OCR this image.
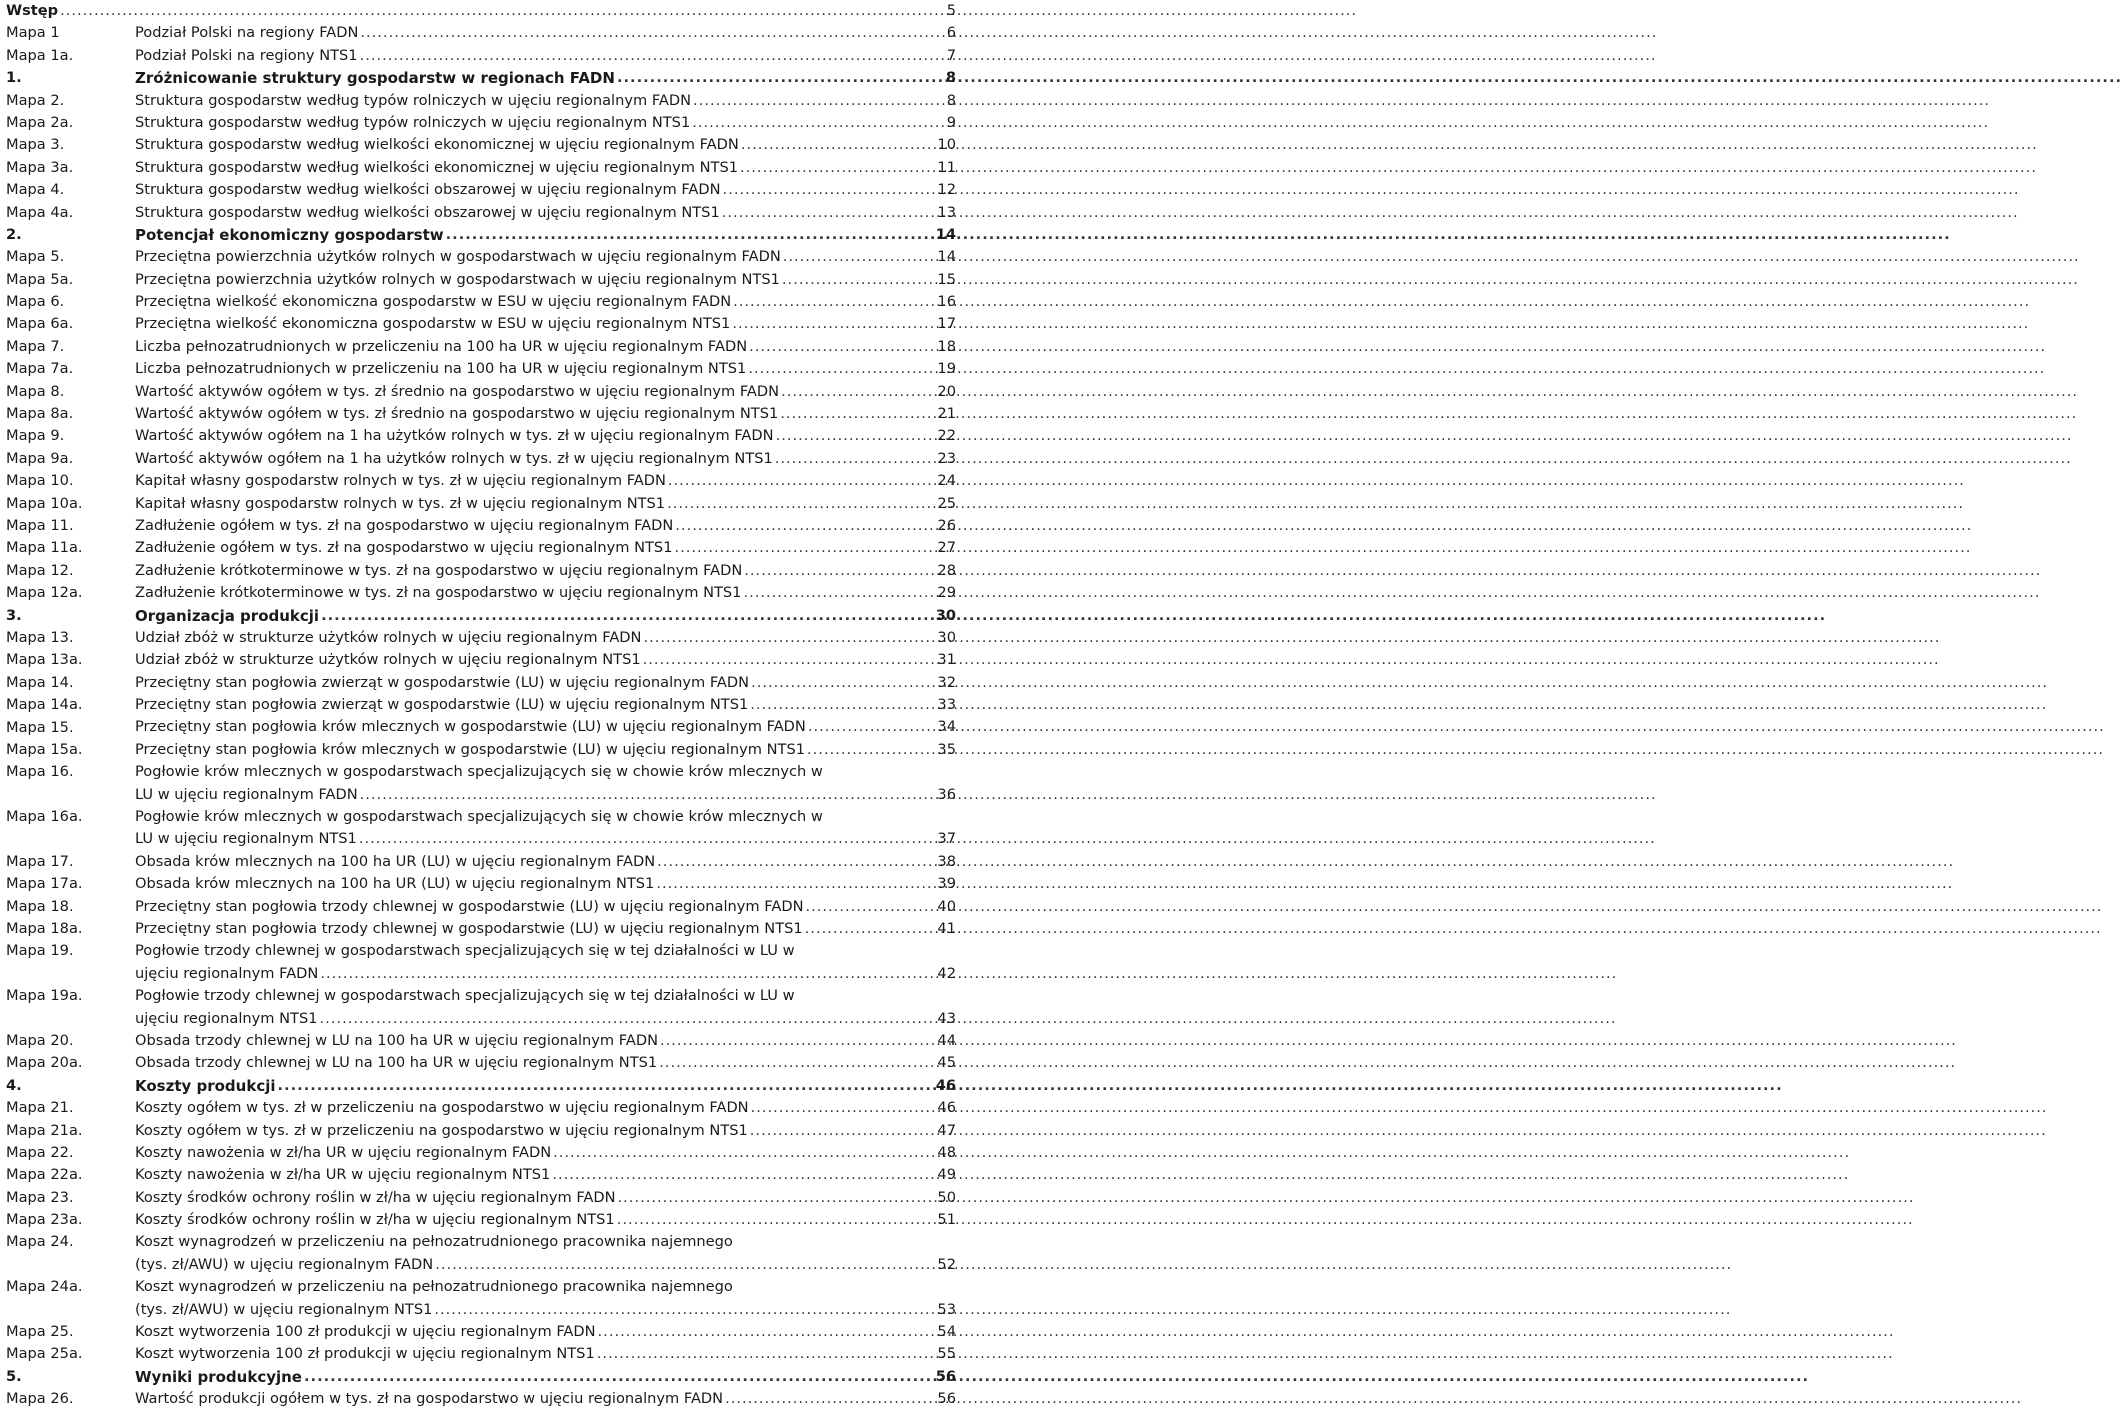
Wstęp .....	5
Mapa 1	Podział Polski na regiony FADN .....	6
Mapa 1a.	Podział Polski na regiony NTS1 .....	7
1.	Zróżnicowanie struktury gospodarstw w regionach FADN .....	8
Mapa 2.	Struktura gospodarstw według typów rolniczych w ujęciu regionalnym FADN .....	8
Mapa 2a.	Struktura gospodarstw według typów rolniczych w ujęciu regionalnym NTS1 .....	9
Mapa 3.	Struktura gospodarstw według wielkości ekonomicznej w ujęciu regionalnym FADN .....	10
Mapa 3a.	Struktura gospodarstw według wielkości ekonomicznej w ujęciu regionalnym NTS1 .....	11
Mapa 4.	Struktura gospodarstw według wielkości obszarowej w ujęciu regionalnym FADN .....	12
Mapa 4a.	Struktura gospodarstw według wielkości obszarowej w ujęciu regionalnym NTS1 .....	13
2.	Potencjał ekonomiczny gospodarstw .....	14
Mapa 5.	Przeciętna powierzchnia użytków rolnych w gospodarstwach w ujęciu regionalnym FADN .....	14
Mapa 5a.	Przeciętna powierzchnia użytków rolnych w gospodarstwach w ujęciu regionalnym NTS1 .....	15
Mapa 6.	Przeciętna wielkość ekonomiczna gospodarstw w ESU w ujęciu regionalnym FADN .....	16
Mapa 6a.	Przeciętna wielkość ekonomiczna gospodarstw w ESU w ujęciu regionalnym NTS1 .....	17
Mapa 7.	Liczba pełnozatrudnionych w przeliczeniu na 100 ha UR w ujęciu regionalnym FADN .....	18
Mapa 7a.	Liczba pełnozatrudnionych w przeliczeniu na 100 ha UR w ujęciu regionalnym NTS1 .....	19
Mapa 8.	Wartość aktywów ogółem w tys. zł średnio na gospodarstwo w ujęciu regionalnym FADN .....	20
Mapa 8a.	Wartość aktywów ogółem w tys. zł średnio na gospodarstwo w ujęciu regionalnym NTS1 .....	21
Mapa 9.	Wartość aktywów ogółem na 1 ha użytków rolnych w tys. zł w ujęciu regionalnym FADN .....	22
Mapa 9a.	Wartość aktywów ogółem na 1 ha użytków rolnych w tys. zł w ujęciu regionalnym NTS1 .....	23
Mapa 10.	Kapitał własny gospodarstw rolnych w tys. zł w ujęciu regionalnym FADN .....	24
Mapa 10a.	Kapitał własny gospodarstw rolnych w tys. zł w ujęciu regionalnym NTS1 .....	25
Mapa 11.	Zadłużenie ogółem w tys. zł na gospodarstwo w ujęciu regionalnym FADN .....	26
Mapa 11a.	Zadłużenie ogółem w tys. zł na gospodarstwo w ujęciu regionalnym NTS1 .....	27
Mapa 12.	Zadłużenie krótkoterminowe w tys. zł na gospodarstwo w ujęciu regionalnym FADN .....	28
Mapa 12a.	Zadłużenie krótkoterminowe w tys. zł na gospodarstwo w ujęciu regionalnym NTS1 .....	29
3.	Organizacja produkcji .....	30
Mapa 13.	Udział zbóż w strukturze użytków rolnych w ujęciu regionalnym FADN .....	30
Mapa 13a.	Udział zbóż w strukturze użytków rolnych w ujęciu regionalnym NTS1 .....	31
Mapa 14.	Przeciętny stan pogłowia zwierząt w gospodarstwie (LU) w ujęciu regionalnym FADN .....	32
Mapa 14a.	Przeciętny stan pogłowia zwierząt w gospodarstwie (LU) w ujęciu regionalnym NTS1 .....	33
Mapa 15.	Przeciętny stan pogłowia krów mlecznych w gospodarstwie (LU) w ujęciu regionalnym FADN .....	34
Mapa 15a.	Przeciętny stan pogłowia krów mlecznych w gospodarstwie (LU) w ujęciu regionalnym NTS1 .....	35
Mapa 16.	Pogłowie krów mlecznych w gospodarstwach specjalizujących się w chowie krów mlecznych w
LU w ujęciu regionalnym FADN .....	36
Mapa 16a.	Pogłowie krów mlecznych w gospodarstwach specjalizujących się w chowie krów mlecznych w
LU w ujęciu regionalnym NTS1 .....	37
Mapa 17.	Obsada krów mlecznych na 100 ha UR (LU) w ujęciu regionalnym FADN .....	38
Mapa 17a.	Obsada krów mlecznych na 100 ha UR (LU) w ujęciu regionalnym NTS1 .....	39
Mapa 18.	Przeciętny stan pogłowia trzody chlewnej w gospodarstwie (LU) w ujęciu regionalnym FADN .....	40
Mapa 18a.	Przeciętny stan pogłowia trzody chlewnej w gospodarstwie (LU) w ujęciu regionalnym NTS1 .....	41
Mapa 19.	Pogłowie trzody chlewnej w gospodarstwach specjalizujących się w tej działalności w LU w
ujęciu regionalnym FADN .....	42
Mapa 19a.	Pogłowie trzody chlewnej w gospodarstwach specjalizujących się w tej działalności w LU w
ujęciu regionalnym NTS1 .....	43
Mapa 20.	Obsada trzody chlewnej w LU na 100 ha UR w ujęciu regionalnym FADN .....	44
Mapa 20a.	Obsada trzody chlewnej w LU na 100 ha UR w ujęciu regionalnym NTS1 .....	45
4.	Koszty produkcji .....	46
Mapa 21.	Koszty ogółem w tys. zł w przeliczeniu na gospodarstwo w ujęciu regionalnym FADN .....	46
Mapa 21a.	Koszty ogółem w tys. zł w przeliczeniu na gospodarstwo w ujęciu regionalnym NTS1 .....	47
Mapa 22.	Koszty nawożenia w zł/ha UR w ujęciu regionalnym FADN .....	48
Mapa 22a.	Koszty nawożenia w zł/ha UR w ujęciu regionalnym NTS1 .....	49
Mapa 23.	Koszty środków ochrony roślin w zł/ha w ujęciu regionalnym FADN .....	50
Mapa 23a.	Koszty środków ochrony roślin w zł/ha w ujęciu regionalnym NTS1 .....	51
Mapa 24.	Koszt wynagrodzeń w przeliczeniu na pełnozatrudnionego pracownika najemnego
(tys. zł/AWU) w ujęciu regionalnym FADN .....	52
Mapa 24a.	Koszt wynagrodzeń w przeliczeniu na pełnozatrudnionego pracownika najemnego
(tys. zł/AWU) w ujęciu regionalnym NTS1 .....	53
Mapa 25.	Koszt wytworzenia 100 zł produkcji w ujęciu regionalnym FADN .....	54
Mapa 25a.	Koszt wytworzenia 100 zł produkcji w ujęciu regionalnym NTS1 .....	55
5.	Wyniki produkcyjne .....	56
Mapa 26.	Wartość produkcji ogółem w tys. zł na gospodarstwo w ujęciu regionalnym FADN .....	56
